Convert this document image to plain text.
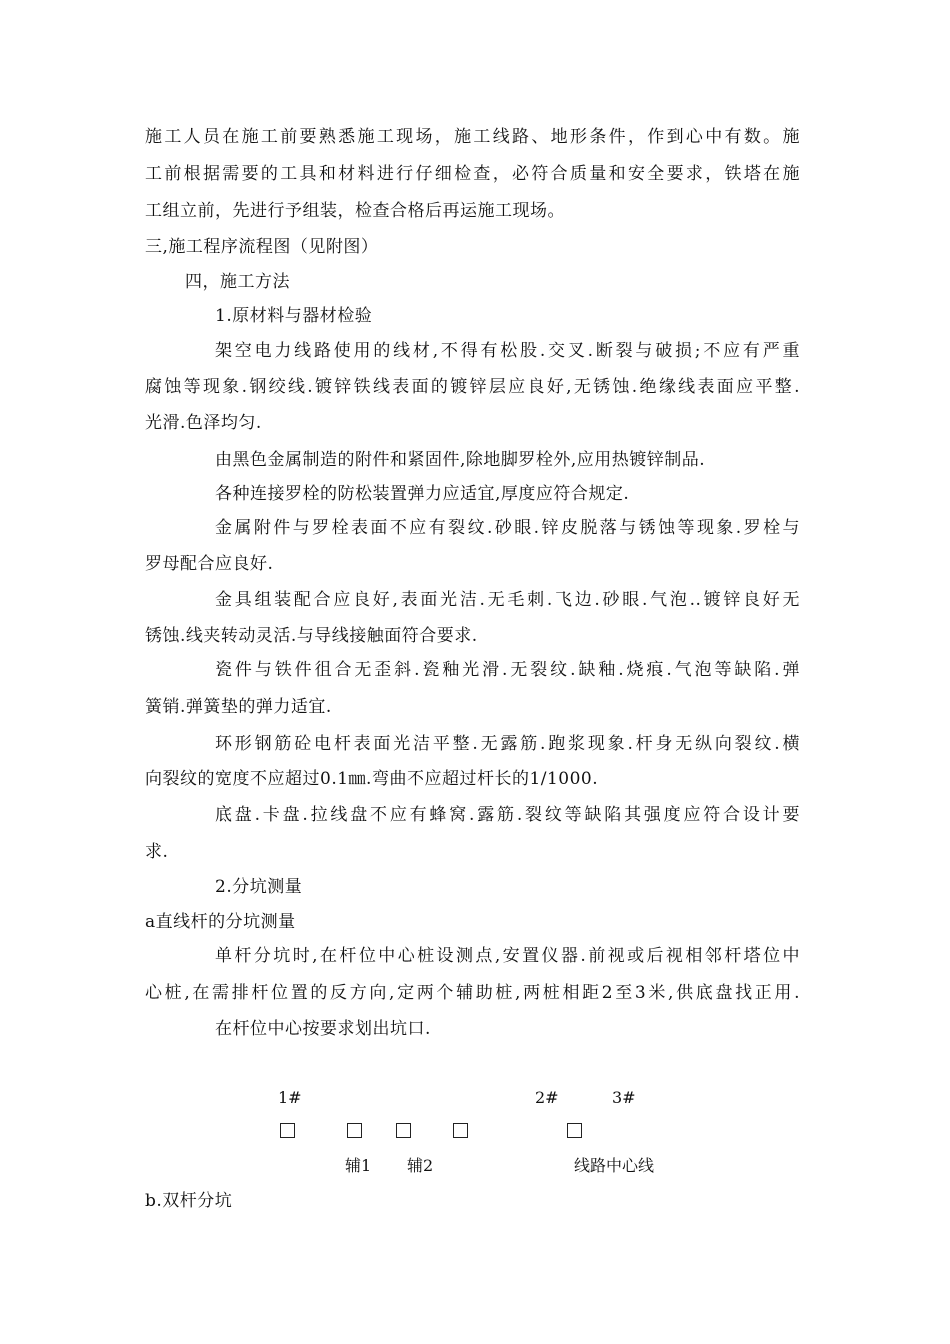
施工人员在施工前要熟悉施工现场，施工线路、地形条件，作到心中有数。施
工前根据需要的工具和材料进行仔细检查，必符合质量和安全要求，铁塔在施
工组立前，先进行予组装，检查合格后再运施工现场。
三,施工程序流程图（见附图）
四，施工方法
1.原材料与器材检验
架空电力线路使用的线材,不得有松股.交叉.断裂与破损;不应有严重
腐蚀等现象.钢绞线.镀锌铁线表面的镀锌层应良好,无锈蚀.绝缘线表面应平整.
光滑.色泽均匀.
由黑色金属制造的附件和紧固件,除地脚罗栓外,应用热镀锌制品.
各种连接罗栓的防松装置弹力应适宜,厚度应符合规定.
金属附件与罗栓表面不应有裂纹.砂眼.锌皮脱落与锈蚀等现象.罗栓与
罗母配合应良好.
金具组装配合应良好,表面光洁.无毛刺.飞边.砂眼.气泡..镀锌良好无
锈蚀.线夹转动灵活.与导线接触面符合要求.
瓷件与铁件徂合无歪斜.瓷釉光滑.无裂纹.缺釉.烧痕.气泡等缺陷.弹
簧销.弹簧垫的弹力适宜.
环形钢筋砼电杆表面光洁平整.无露筋.跑浆现象.杆身无纵向裂纹.横
向裂纹的宽度不应超过0.1㎜.弯曲不应超过杆长的1/1000.
底盘.卡盘.拉线盘不应有蜂窝.露筋.裂纹等缺陷其强度应符合设计要
求.
2.分坑测量
a直线杆的分坑测量
单杆分坑时,在杆位中心桩设测点,安置仪器.前视或后视相邻杆塔位中
心桩,在需排杆位置的反方向,定两个辅助桩,两桩相距2至3米,供底盘找正用.
在杆位中心按要求划出坑口.
1#	2#	3#
辅1 辅2	线路中心线
b.双杆分坑
